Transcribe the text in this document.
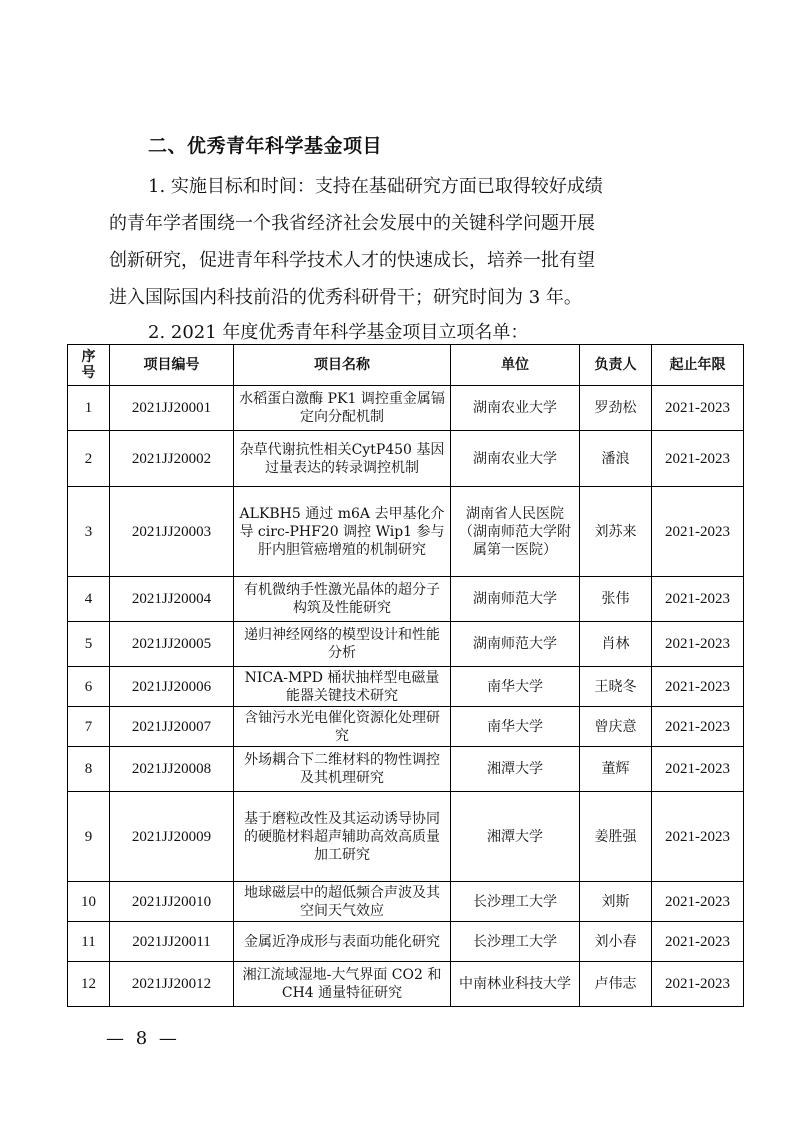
二、优秀青年科学基金项目
1. 实施目标和时间：支持在基础研究方面已取得较好成绩
的青年学者围绕一个我省经济社会发展中的关键科学问题开展
创新研究，促进青年科学技术人才的快速成长，培养一批有望
进入国际国内科技前沿的优秀科研骨干；研究时间为 3 年。
2. 2021 年度优秀青年科学基金项目立项名单：
序号	项目编号	项目名称	单位	负责人	起止年限
1	2021JJ20001	水稻蛋白激酶 PK1 调控重金属镉定向分配机制	湖南农业大学	罗劲松	2021-2023
2	2021JJ20002	杂草代谢抗性相关CytP450 基因过量表达的转录调控机制	湖南农业大学	潘浪	2021-2023
3	2021JJ20003	ALKBH5 通过 m6A 去甲基化介导 circ-PHF20 调控 Wip1 参与肝内胆管癌增殖的机制研究	湖南省人民医院（湖南师范大学附属第一医院）	刘苏来	2021-2023
4	2021JJ20004	有机微纳手性激光晶体的超分子构筑及性能研究	湖南师范大学	张伟	2021-2023
5	2021JJ20005	递归神经网络的模型设计和性能分析	湖南师范大学	肖林	2021-2023
6	2021JJ20006	NICA-MPD 桶状抽样型电磁量能器关键技术研究	南华大学	王晓冬	2021-2023
7	2021JJ20007	含铀污水光电催化资源化处理研究	南华大学	曾庆意	2021-2023
8	2021JJ20008	外场耦合下二维材料的物性调控及其机理研究	湘潭大学	董辉	2021-2023
9	2021JJ20009	基于磨粒改性及其运动诱导协同的硬脆材料超声辅助高效高质量加工研究	湘潭大学	姜胜强	2021-2023
10	2021JJ20010	地球磁层中的超低频合声波及其空间天气效应	长沙理工大学	刘斯	2021-2023
11	2021JJ20011	金属近净成形与表面功能化研究	长沙理工大学	刘小春	2021-2023
12	2021JJ20012	湘江流域湿地-大气界面 CO2 和 CH4 通量特征研究	中南林业科技大学	卢伟志	2021-2023
— 8 —
